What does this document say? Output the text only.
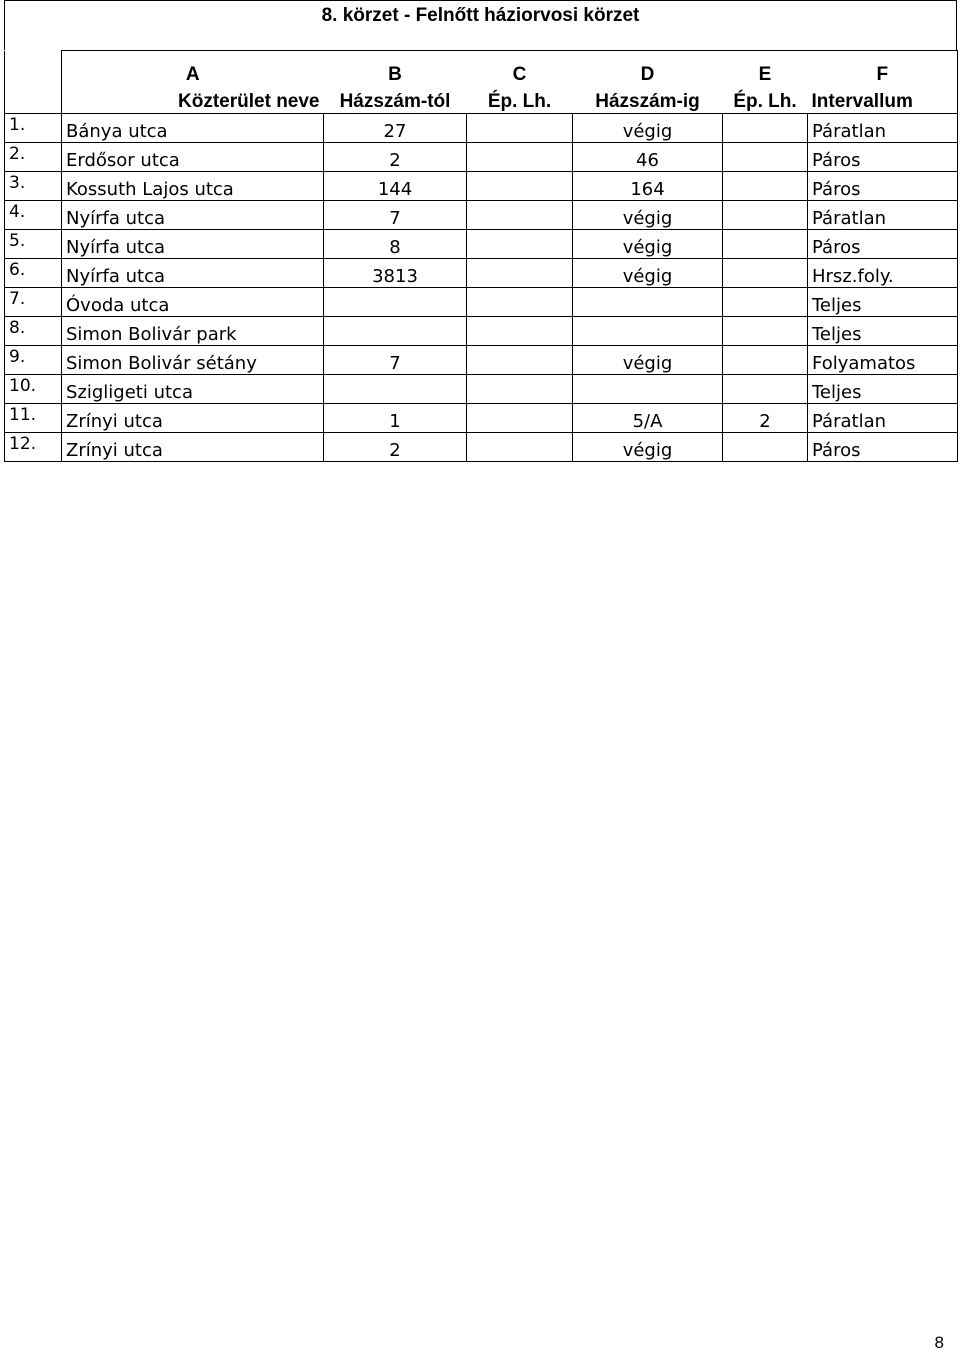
8. körzet - Felnőtt háziorvosi körzet
	A	B	C	D	E	F
	Közterület neve	Házszám-tól	Ép. Lh.	Házszám-ig	Ép. Lh.	Intervallum
1.	Bánya utca	27		végig		Páratlan
2.	Erdősor utca	2		46		Páros
3.	Kossuth Lajos utca	144		164		Páros
4.	Nyírfa utca	7		végig		Páratlan
5.	Nyírfa utca	8		végig		Páros
6.	Nyírfa utca	3813		végig		Hrsz.foly.
7.	Óvoda utca					Teljes
8.	Simon Bolivár park					Teljes
9.	Simon Bolivár sétány	7		végig		Folyamatos
10.	Szigligeti utca					Teljes
11.	Zrínyi utca	1		5/A	2	Páratlan
12.	Zrínyi utca	2		végig		Páros
8
